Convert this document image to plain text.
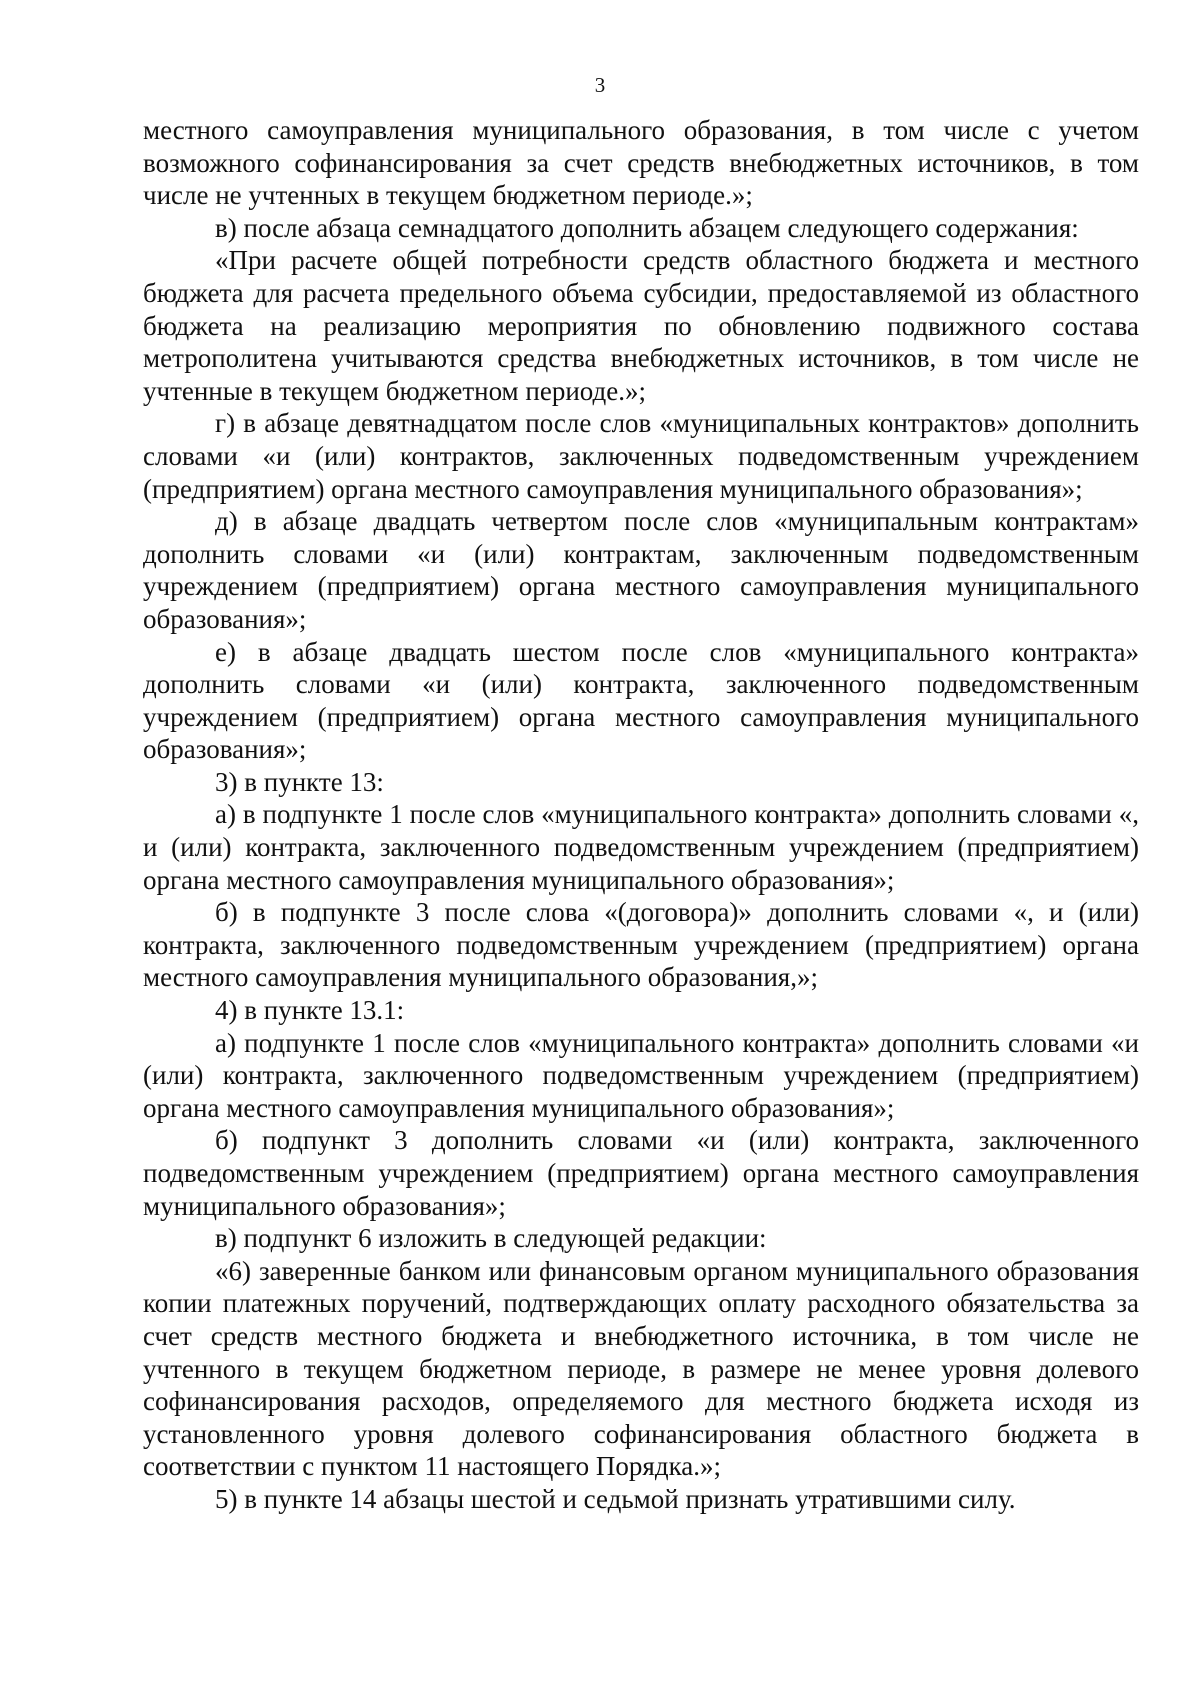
3

местного самоуправления муниципального образования, в том числе с учетом возможного софинансирования за счет средств внебюджетных источников, в том числе не учтенных в текущем бюджетном периоде.»;

в) после абзаца семнадцатого дополнить абзацем следующего содержания:

«При расчете общей потребности средств областного бюджета и местного бюджета для расчета предельного объема субсидии, предоставляемой из областного бюджета на реализацию мероприятия по обновлению подвижного состава метрополитена учитываются средства внебюджетных источников, в том числе не учтенные в текущем бюджетном периоде.»;

г) в абзаце девятнадцатом после слов «муниципальных контрактов» дополнить словами «и (или) контрактов, заключенных подведомственным учреждением (предприятием) органа местного самоуправления муниципального образования»;

д) в абзаце двадцать четвертом после слов «муниципальным контрактам» дополнить словами «и (или) контрактам, заключенным подведомственным учреждением (предприятием) органа местного самоуправления муниципального образования»;

е) в абзаце двадцать шестом после слов «муниципального контракта» дополнить словами «и (или) контракта, заключенного подведомственным учреждением (предприятием) органа местного самоуправления муниципального образования»;

3) в пункте 13:

а) в подпункте 1 после слов «муниципального контракта» дополнить словами «, и (или) контракта, заключенного подведомственным учреждением (предприятием) органа местного самоуправления муниципального образования»;

б) в подпункте 3 после слова «(договора)» дополнить словами «, и (или) контракта, заключенного подведомственным учреждением (предприятием) органа местного самоуправления муниципального образования,»;

4) в пункте 13.1:

а) подпункте 1 после слов «муниципального контракта» дополнить словами «и (или) контракта, заключенного подведомственным учреждением (предприятием) органа местного самоуправления муниципального образования»;

б) подпункт 3 дополнить словами «и (или) контракта, заключенного подведомственным учреждением (предприятием) органа местного самоуправления муниципального образования»;

в) подпункт 6 изложить в следующей редакции:

«6) заверенные банком или финансовым органом муниципального образования копии платежных поручений, подтверждающих оплату расходного обязательства за счет средств местного бюджета и внебюджетного источника, в том числе не учтенного в текущем бюджетном периоде, в размере не менее уровня долевого софинансирования расходов, определяемого для местного бюджета исходя из установленного уровня долевого софинансирования областного бюджета в соответствии с пунктом 11 настоящего Порядка.»;

5) в пункте 14 абзацы шестой и седьмой признать утратившими силу.
